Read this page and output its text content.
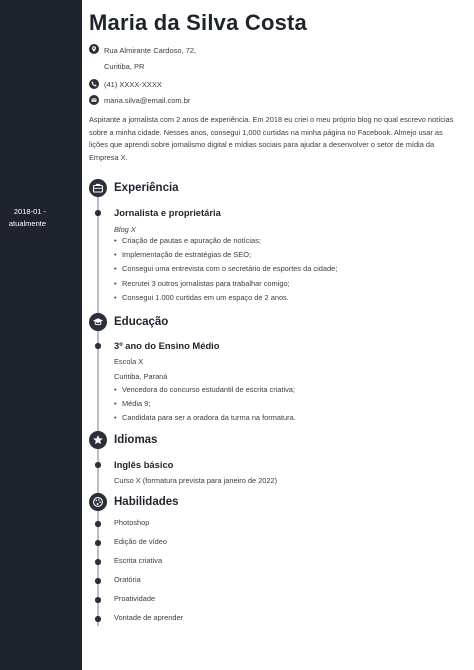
2018-01 -
atualmente
Maria da Silva Costa
Rua Almirante Cardoso, 72,
Curitiba, PR
(41) XXXX-XXXX
maria.silva@email.com.br

Aspirante a jornalista com 2 anos de experiência. Em 2018 eu criei o meu próprio blog no qual escrevo notícias sobre a minha cidade. Nesses anos, consegui 1,000 curtidas na minha página no Facebook. Almejo usar as lições que aprendi sobre jornalismo digital e mídias sociais para ajudar a desenvolver o setor de mídia da Empresa X.

Experiência
Jornalista e proprietária
Blog X
• Criação de pautas e apuração de notícias;
• Implementação de estratégias de SEO;
• Consegui uma entrevista com o secretário de esportes da cidade;
• Recrutei 3 outros jornalistas para trabalhar comigo;
• Consegui 1.000 curtidas em um espaço de 2 anos.
Educação
3º ano do Ensino Médio
Escola X
Curitiba, Paraná
• Vencedora do concurso estudantil de escrita criativa;
• Média 9;
• Candidata para ser a oradora da turma na formatura.
Idiomas
Inglês básico
Curso X (formatura prevista para janeiro de 2022)
Habilidades
Photoshop
Edição de vídeo
Escrita criativa
Oratória
Proatividade
Vontade de aprender
